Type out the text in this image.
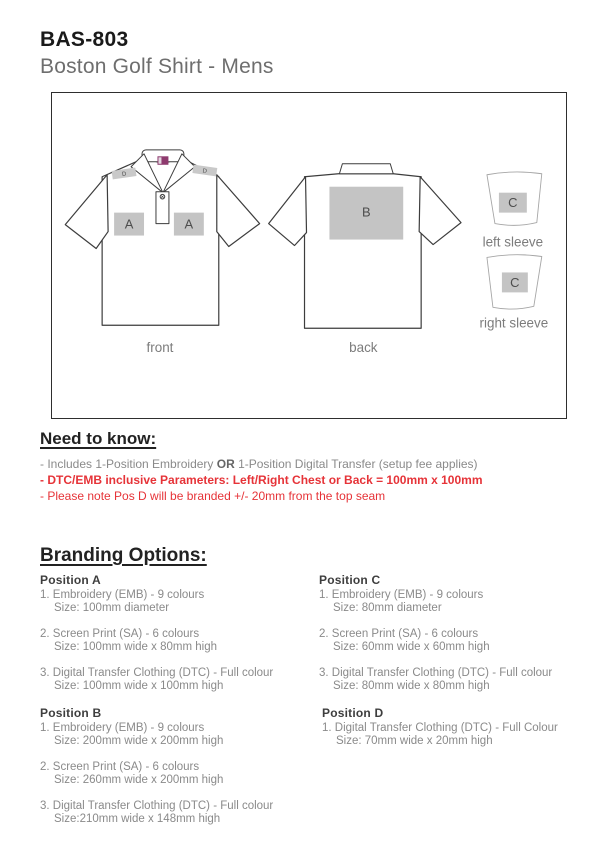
BAS-803
Boston Golf Shirt - Mens
D	D
A	A
front
B
back
C
left sleeve
C
right sleeve
Need to know:

- Includes 1-Position Embroidery OR 1-Position Digital Transfer (setup fee applies)

- DTC/EMB inclusive Parameters: Left/Right Chest or Back = 100mm x 100mm

- Please note Pos D will be branded +/- 20mm from the top seam

Branding Options:
Position A
1. Embroidery (EMB) - 9 colours
Size: 100mm diameter
2. Screen Print (SA) - 6 colours
Size: 100mm wide x 80mm high
3. Digital Transfer Clothing (DTC) - Full colour
Size: 100mm wide x 100mm high
Position B
1. Embroidery (EMB) - 9 colours
Size: 200mm wide x 200mm high
2. Screen Print (SA) - 6 colours
Size: 260mm wide x 200mm high
3. Digital Transfer Clothing (DTC) - Full colour
Size:210mm wide x 148mm high
Position C
1. Embroidery (EMB) - 9 colours
Size: 80mm diameter
2. Screen Print (SA) - 6 colours
Size: 60mm wide x 60mm high
3. Digital Transfer Clothing (DTC) - Full colour
Size: 80mm wide x 80mm high
Position D
1. Digital Transfer Clothing (DTC) - Full Colour
Size: 70mm wide x 20mm high
